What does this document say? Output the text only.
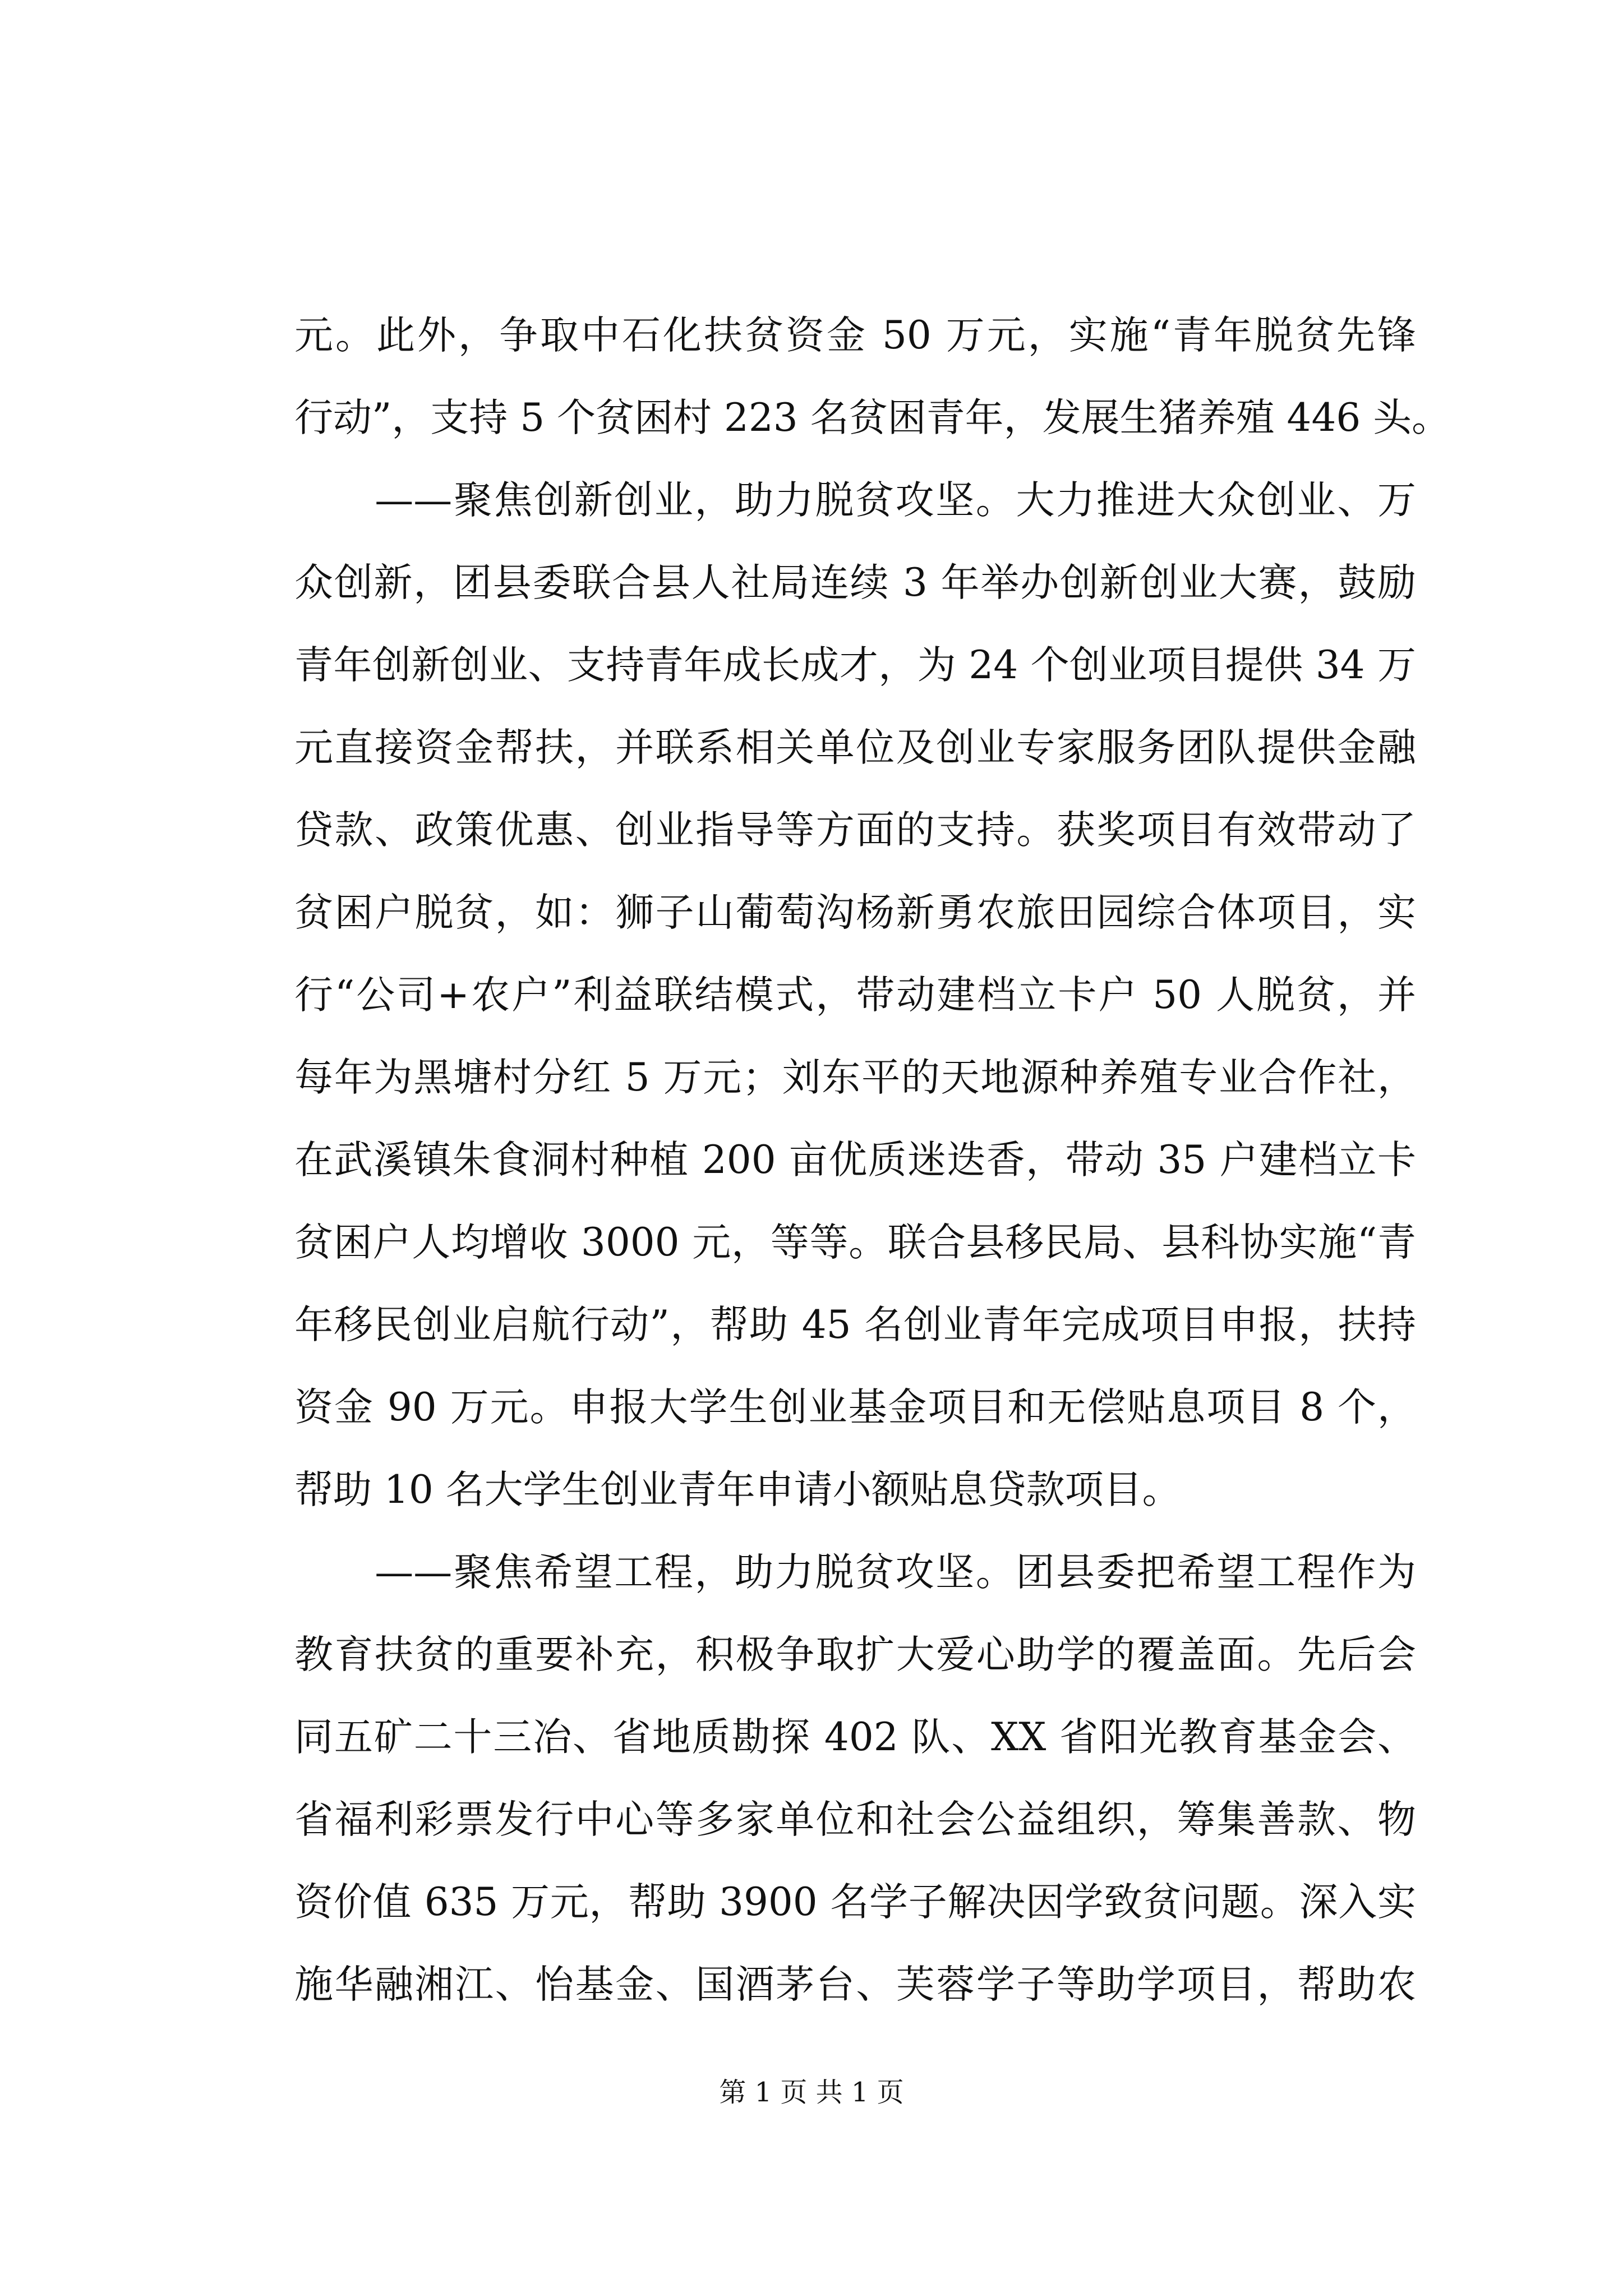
元。此外，争取中石化扶贫资金 50 万元，实施“青年脱贫先锋
行动”，支持 5 个贫困村 223 名贫困青年，发展生猪养殖 446 头。
　　——聚焦创新创业，助力脱贫攻坚。大力推进大众创业、万
众创新，团县委联合县人社局连续 3 年举办创新创业大赛，鼓励
青年创新创业、支持青年成长成才，为 24 个创业项目提供 34 万
元直接资金帮扶，并联系相关单位及创业专家服务团队提供金融
贷款、政策优惠、创业指导等方面的支持。获奖项目有效带动了
贫困户脱贫，如：狮子山葡萄沟杨新勇农旅田园综合体项目，实
行“公司+农户”利益联结模式，带动建档立卡户 50 人脱贫，并
每年为黑塘村分红 5 万元；刘东平的天地源种养殖专业合作社，
在武溪镇朱食洞村种植 200 亩优质迷迭香，带动 35 户建档立卡
贫困户人均增收 3000 元，等等。联合县移民局、县科协实施“青
年移民创业启航行动”，帮助 45 名创业青年完成项目申报，扶持
资金 90 万元。申报大学生创业基金项目和无偿贴息项目 8 个，
帮助 10 名大学生创业青年申请小额贴息贷款项目。
　　——聚焦希望工程，助力脱贫攻坚。团县委把希望工程作为
教育扶贫的重要补充，积极争取扩大爱心助学的覆盖面。先后会
同五矿二十三冶、省地质勘探 402 队、XX 省阳光教育基金会、
省福利彩票发行中心等多家单位和社会公益组织，筹集善款、物
资价值 635 万元，帮助 3900 名学子解决因学致贫问题。深入实
施华融湘江、怡基金、国酒茅台、芙蓉学子等助学项目，帮助农
第 1 页 共 1 页
